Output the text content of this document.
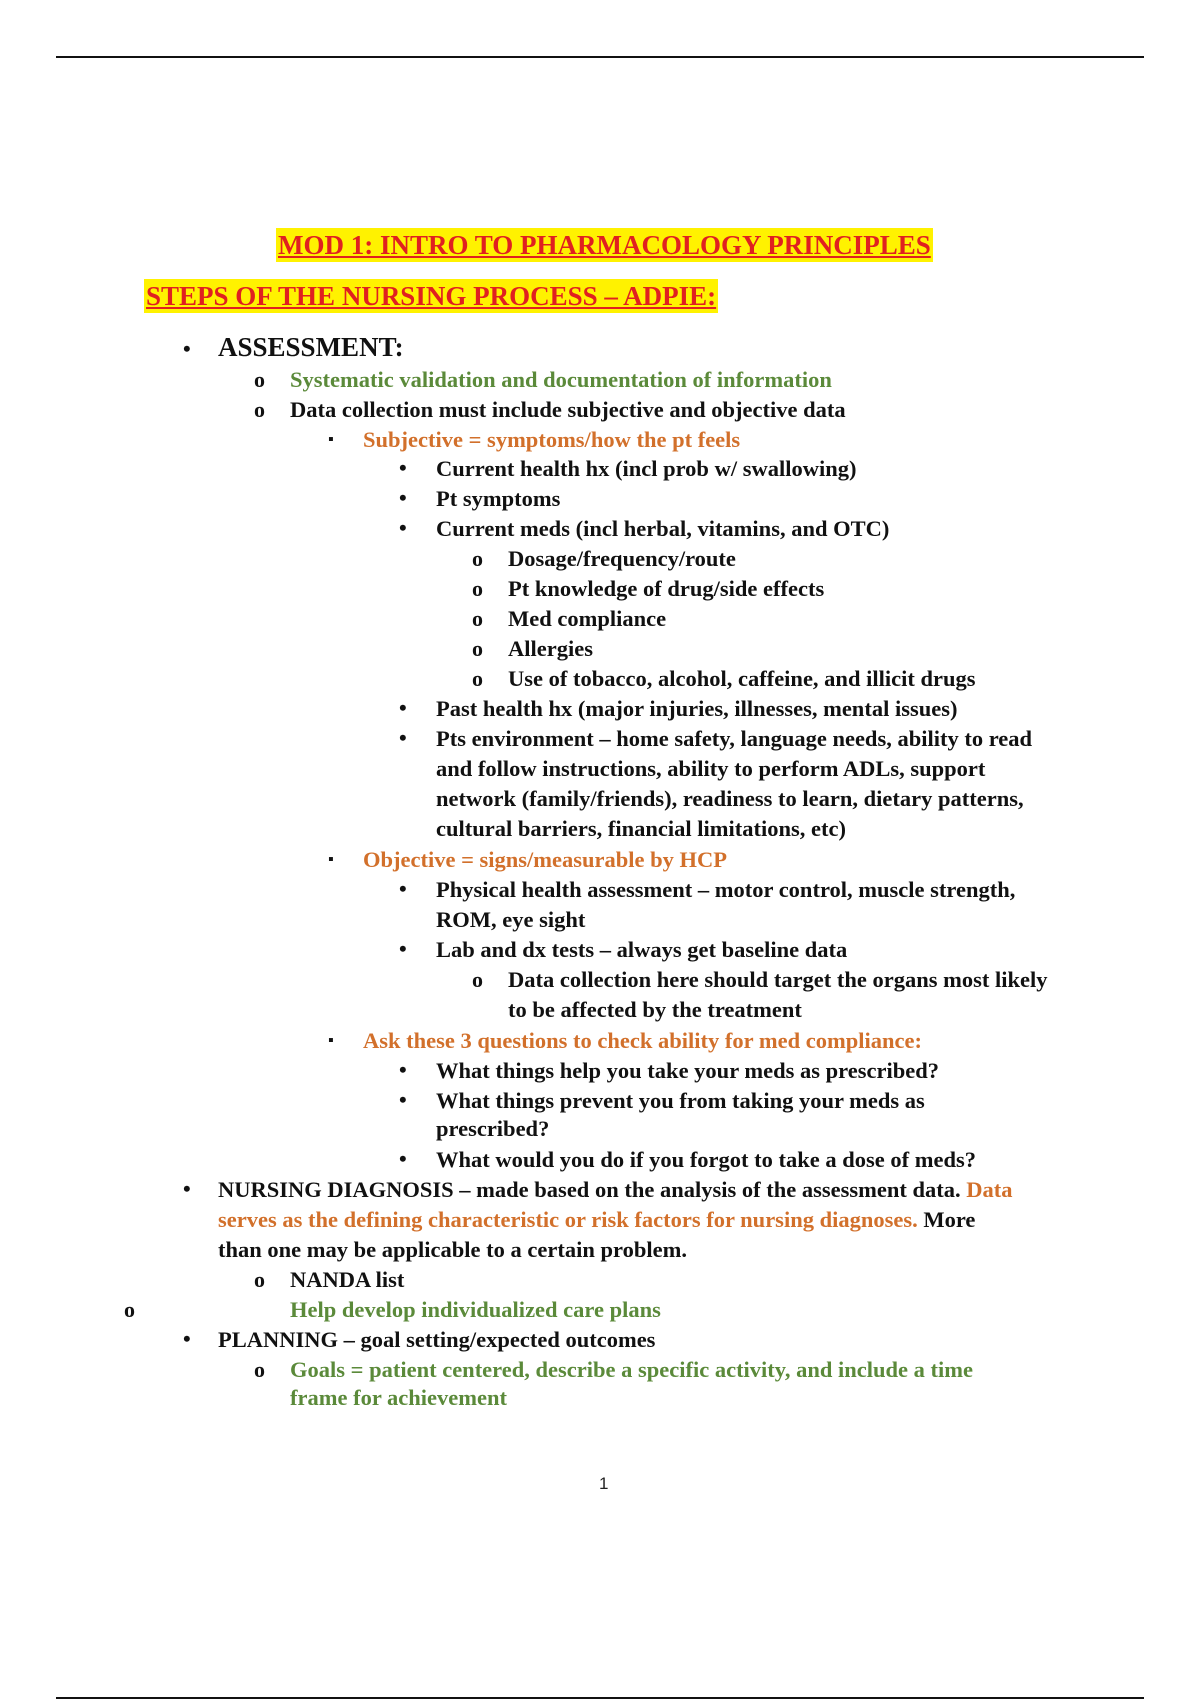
MOD 1: INTRO TO PHARMACOLOGY PRINCIPLES
STEPS OF THE NURSING PROCESS – ADPIE:
• ASSESSMENT:
o Systematic validation and documentation of information
o Data collection must include subjective and objective data
▪ Subjective = symptoms/how the pt feels
• Current health hx (incl prob w/ swallowing)
• Pt symptoms
• Current meds (incl herbal, vitamins, and OTC)
o Dosage/frequency/route
o Pt knowledge of drug/side effects
o Med compliance
o Allergies
o Use of tobacco, alcohol, caffeine, and illicit drugs
• Past health hx (major injuries, illnesses, mental issues)
• Pts environment – home safety, language needs, ability to read
and follow instructions, ability to perform ADLs, support
network (family/friends), readiness to learn, dietary patterns,
cultural barriers, financial limitations, etc)
▪ Objective = signs/measurable by HCP
• Physical health assessment – motor control, muscle strength,
ROM, eye sight
• Lab and dx tests – always get baseline data
o Data collection here should target the organs most likely
to be affected by the treatment
▪ Ask these 3 questions to check ability for med compliance:
• What things help you take your meds as prescribed?
• What things prevent you from taking your meds as
prescribed?
• What would you do if you forgot to take a dose of meds?
• NURSING DIAGNOSIS – made based on the analysis of the assessment data. Data
serves as the defining characteristic or risk factors for nursing diagnoses. More
than one may be applicable to a certain problem.
o NANDA list
o	Help develop individualized care plans
• PLANNING – goal setting/expected outcomes
o Goals = patient centered, describe a specific activity, and include a time
frame for achievement
1
